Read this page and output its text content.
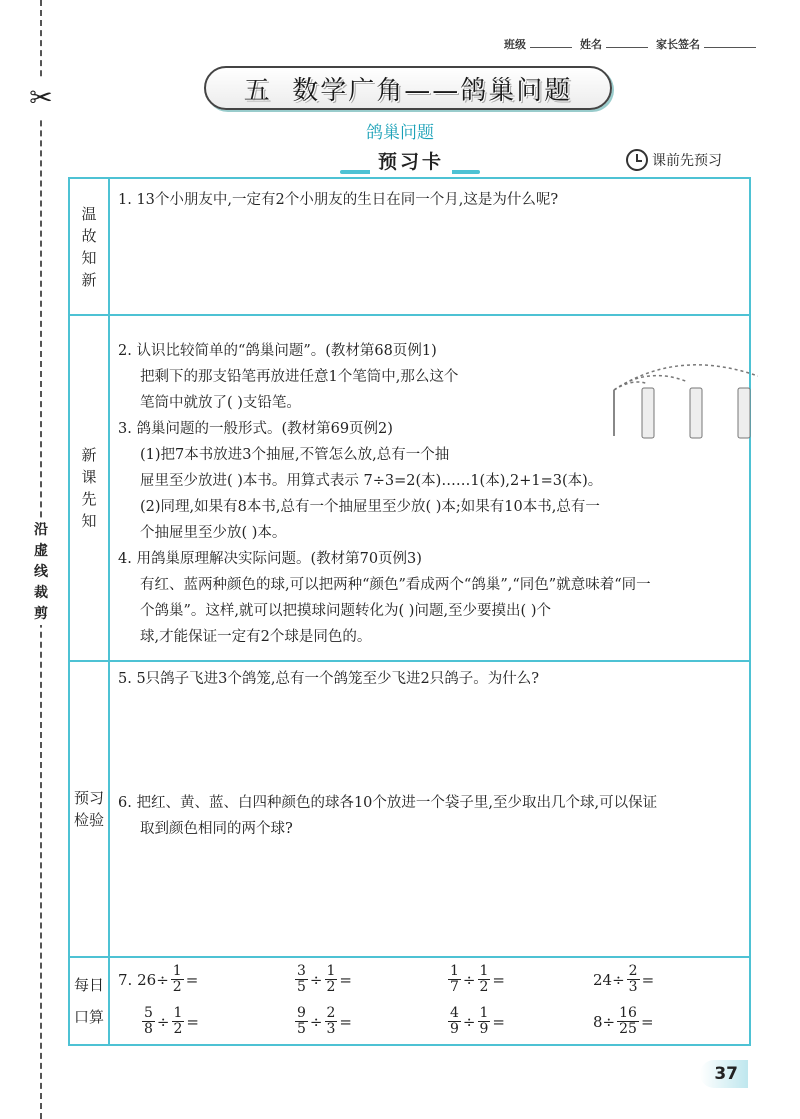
✂
沿
虚
线
裁
剪
班级	姓名	家长签名
五  数学广角——鸽巢问题
鸽巢问题
预习卡	课前先预习
温
故
知
新
1. 13个小朋友中,一定有2个小朋友的生日在同一个月,这是为什么呢?
新
课
先
知
2. 认识比较简单的“鸽巢问题”。(教材第68页例1)
把剩下的那支铅笔再放进任意1个笔筒中,那么这个
笔筒中就放了( )支铅笔。
3. 鸽巢问题的一般形式。(教材第69页例2)
(1)把7本书放进3个抽屉,不管怎么放,总有一个抽
屉里至少放进( )本书。用算式表示 7÷3=2(本)……1(本),2+1=3(本)。
(2)同理,如果有8本书,总有一个抽屉里至少放( )本;如果有10本书,总有一
个抽屉里至少放( )本。
4. 用鸽巢原理解决实际问题。(教材第70页例3)
有红、蓝两种颜色的球,可以把两种“颜色”看成两个“鸽巢”,“同色”就意味着“同一
个鸽巢”。这样,就可以把摸球问题转化为( )问题,至少要摸出( )个
球,才能保证一定有2个球是同色的。
预习
检验
5. 5只鸽子飞进3个鸽笼,总有一个鸽笼至少飞进2只鸽子。为什么?
6. 把红、黄、蓝、白四种颜色的球各10个放进一个袋子里,至少取出几个球,可以保证
取到颜色相同的两个球?
每日
口算
7.
$26 \div \frac{1}{2}$ =	$\frac{3}{5} \div \frac{1}{2}$ =	$\frac{1}{7} \div \frac{1}{2}$ =	$24 \div \frac{2}{3}$ =
$\frac{5}{8} \div \frac{1}{2}$ =	$\frac{9}{5} \div \frac{2}{3}$ =	$\frac{4}{9} \div \frac{1}{9}$ =	$8 \div \frac{16}{25}$ =
37
